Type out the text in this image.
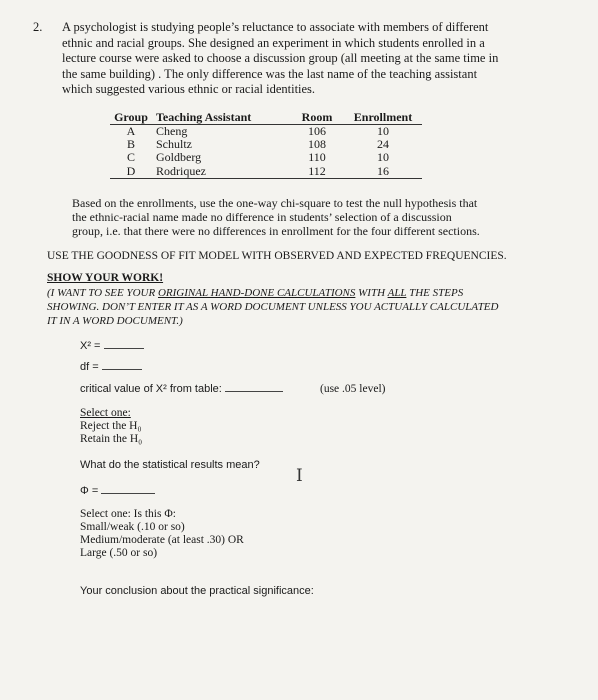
2. A psychologist is studying people’s reluctance to associate with members of different
ethnic and racial groups. She designed an experiment in which students enrolled in a
lecture course were asked to choose a discussion group (all meeting at the same time in
the same building) . The only difference was the last name of the teaching assistant
which suggested various ethnic or racial identities.
Group	Teaching Assistant	Room	Enrollment
A	Cheng	106	10
B	Schultz	108	24
C	Goldberg	110	10
D	Rodriquez	112	16
Based on the enrollments, use the one-way chi-square to test the null hypothesis that
the ethnic-racial name made no difference in students’ selection of a discussion
group, i.e. that there were no differences in enrollment for the four different sections.
USE THE GOODNESS OF FIT MODEL WITH OBSERVED AND EXPECTED FREQUENCIES.
SHOW YOUR WORK!
(I WANT TO SEE YOUR ORIGINAL HAND-DONE CALCULATIONS WITH ALL THE STEPS
SHOWING. DON’T ENTER IT AS A WORD DOCUMENT UNLESS YOU ACTUALLY CALCULATED
IT IN A WORD DOCUMENT.)
X² =
df =
critical value of X² from table:	(use .05 level)
Select one:
Reject the H₀
Retain the H₀
What do the statistical results mean?
Φ =
I
Select one: Is this Φ:
Small/weak (.10 or so)
Medium/moderate (at least .30) OR
Large (.50 or so)
Your conclusion about the practical significance:
